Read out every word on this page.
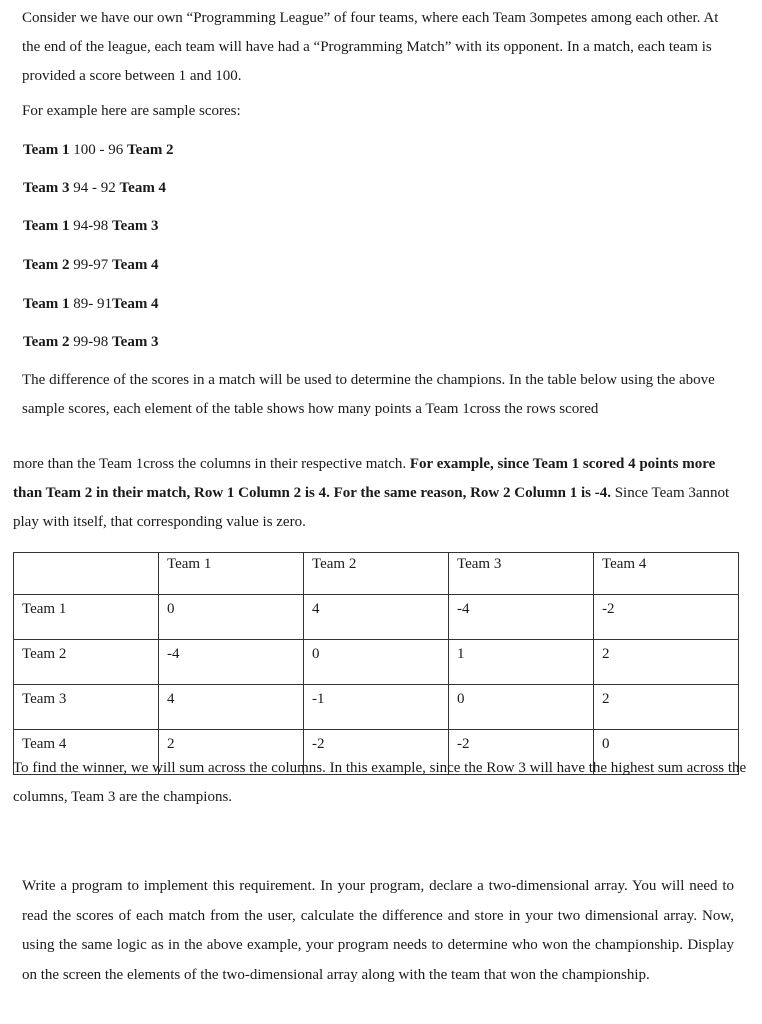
Consider we have our own “Programming League” of four teams, where each Team 3ompetes among each other. At the end of the league, each team will have had a “Programming Match” with its opponent. In a match, each team is provided a score between 1 and 100.

For example here are sample scores:

Team 1 100 - 96 Team 2
Team 3 94 - 92 Team 4
Team 1 94-98 Team 3
Team 2 99-97 Team 4
Team 1 89- 91Team 4
Team 2 99-98 Team 3

The difference of the scores in a match will be used to determine the champions. In the table below using the above sample scores, each element of the table shows how many points a Team 1cross the rows scored

more than the Team 1cross the columns in their respective match. For example, since Team 1 scored 4 points more than Team 2 in their match, Row 1 Column 2 is 4. For the same reason, Row 2 Column 1 is -4. Since Team 3annot play with itself, that corresponding value is zero.

	Team 1	Team 2	Team 3	Team 4
Team 1	0	4	-4	-2
Team 2	-4	0	1	2
Team 3	4	-1	0	2
Team 4	2	-2	-2	0

To find the winner, we will sum across the columns. In this example, since the Row 3 will have the highest sum across the columns, Team 3 are the champions.

Write a program to implement this requirement. In your program, declare a two-dimensional array. You will need to read the scores of each match from the user, calculate the difference and store in your two dimensional array. Now, using the same logic as in the above example, your program needs to determine who won the championship. Display on the screen the elements of the two-dimensional array along with the team that won the championship.
